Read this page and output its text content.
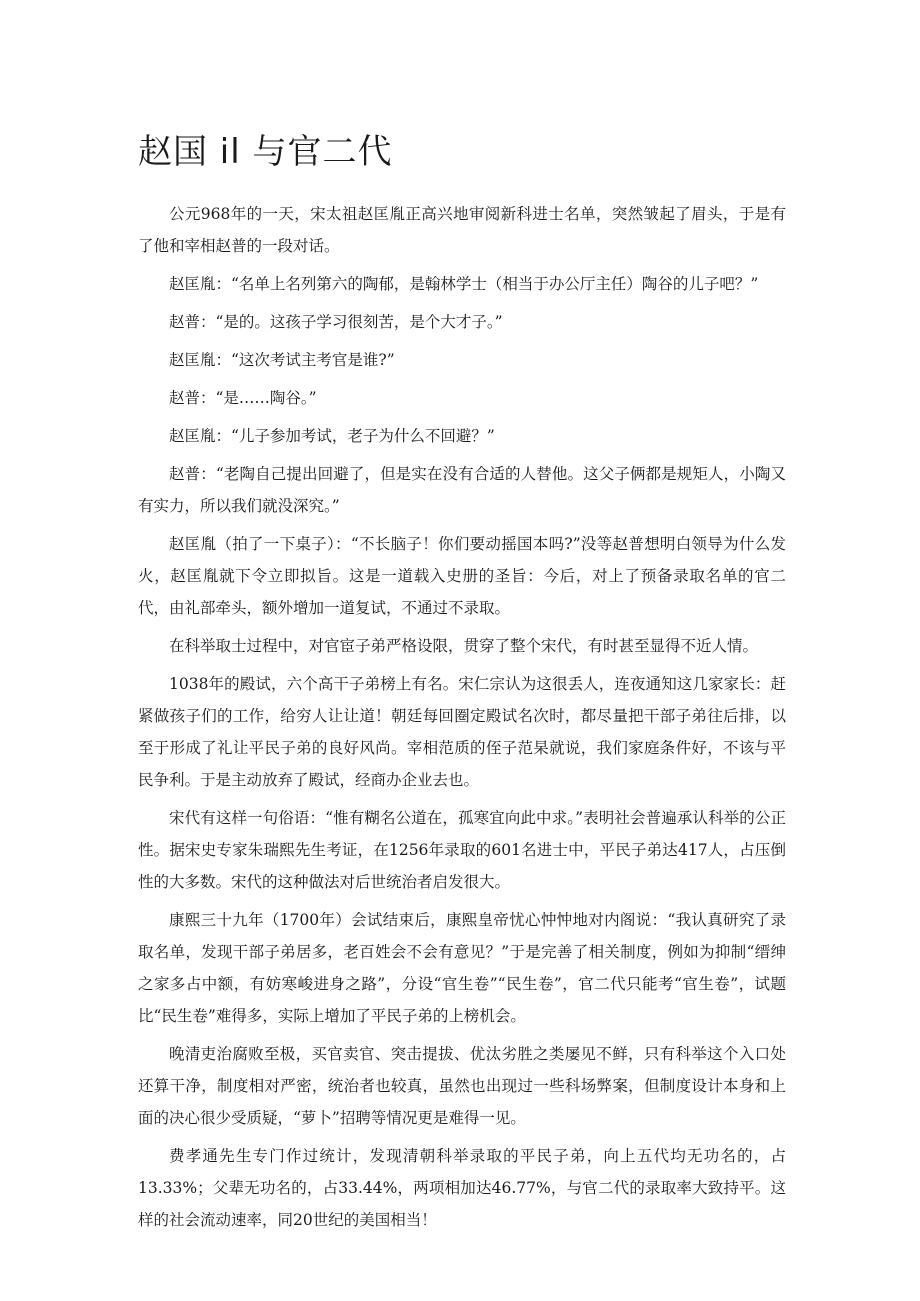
赵国 il 与官二代

公元968年的一天，宋太祖赵匡胤正高兴地审阅新科进士名单，突然皱起了眉头，于是有了他和宰相赵普的一段对话。

赵匡胤：“名单上名列第六的陶郁，是翰林学士（相当于办公厅主任）陶谷的儿子吧？”

赵普：“是的。这孩子学习很刻苦，是个大才子。”

赵匡胤：“这次考试主考官是谁?”

赵普：“是……陶谷。”

赵匡胤：“儿子参加考试，老子为什么不回避？”

赵普：“老陶自己提出回避了，但是实在没有合适的人替他。这父子俩都是规矩人，小陶又有实力，所以我们就没深究。”

赵匡胤（拍了一下桌子）：“不长脑子！你们要动摇国本吗?”没等赵普想明白领导为什么发火，赵匡胤就下令立即拟旨。这是一道载入史册的圣旨：今后，对上了预备录取名单的官二代，由礼部牵头，额外增加一道复试，不通过不录取。

在科举取士过程中，对官宦子弟严格设限，贯穿了整个宋代，有时甚至显得不近人情。

1038年的殿试，六个高干子弟榜上有名。宋仁宗认为这很丢人，连夜通知这几家家长：赶紧做孩子们的工作，给穷人让让道！朝廷每回圈定殿试名次时，都尽量把干部子弟往后排，以至于形成了礼让平民子弟的良好风尚。宰相范质的侄子范杲就说，我们家庭条件好，不该与平民争利。于是主动放弃了殿试，经商办企业去也。

宋代有这样一句俗语：“惟有糊名公道在，孤寒宜向此中求。”表明社会普遍承认科举的公正性。据宋史专家朱瑞熙先生考证，在1256年录取的601名进士中，平民子弟达417人，占压倒性的大多数。宋代的这种做法对后世统治者启发很大。

康熙三十九年（1700年）会试结束后，康熙皇帝忧心忡忡地对内阁说：“我认真研究了录取名单，发现干部子弟居多，老百姓会不会有意见？”于是完善了相关制度，例如为抑制“缙绅之家多占中额，有妨寒峻进身之路”，分设“官生卷”“民生卷”，官二代只能考“官生卷”，试题比“民生卷”难得多，实际上增加了平民子弟的上榜机会。

晚清吏治腐败至极，买官卖官、突击提拔、优汰劣胜之类屡见不鲜，只有科举这个入口处还算干净，制度相对严密，统治者也较真，虽然也出现过一些科场弊案，但制度设计本身和上面的决心很少受质疑，“萝卜”招聘等情况更是难得一见。

费孝通先生专门作过统计，发现清朝科举录取的平民子弟，向上五代均无功名的，占13.33%；父辈无功名的，占33.44%，两项相加达46.77%，与官二代的录取率大致持平。这样的社会流动速率，同20世纪的美国相当！
